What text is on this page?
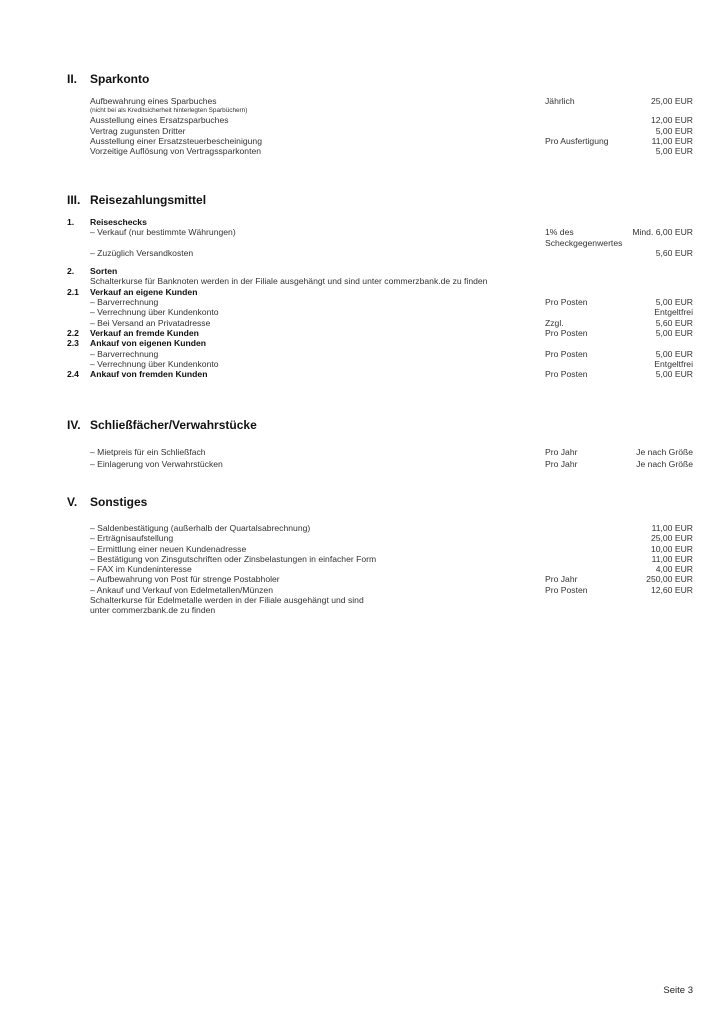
II. Sparkonto
Aufbewahrung eines Sparbuches	Jährlich	25,00 EUR
(nicht bei als Kreditsicherheit hinterlegten Sparbüchern)
Ausstellung eines Ersatzsparbuches	12,00 EUR
Vertrag zugunsten Dritter	5,00 EUR
Ausstellung einer Ersatzsteuerbescheinigung	Pro Ausfertigung	11,00 EUR
Vorzeitige Auflösung von Vertragssparkonten	5,00 EUR
III. Reisezahlungsmittel
1. Reiseschecks
– Verkauf (nur bestimmte Währungen)	1% des	Mind. 6,00 EUR
Scheckgegenwertes
– Zuzüglich Versandkosten	5,60 EUR
2. Sorten
Schalterkurse für Banknoten werden in der Filiale ausgehängt und sind unter commerzbank.de zu finden
2.1 Verkauf an eigene Kunden
– Barverrechnung	Pro Posten	5,00 EUR
– Verrechnung über Kundenkonto	Entgeltfrei
– Bei Versand an Privatadresse	Zzgl.	5,60 EUR
2.2 Verkauf an fremde Kunden	Pro Posten	5,00 EUR
2.3 Ankauf von eigenen Kunden
– Barverrechnung	Pro Posten	5,00 EUR
– Verrechnung über Kundenkonto	Entgeltfrei
2.4 Ankauf von fremden Kunden	Pro Posten	5,00 EUR
IV. Schließfächer/Verwahrstücke
– Mietpreis für ein Schließfach	Pro Jahr	Je nach Größe
– Einlagerung von Verwahrstücken	Pro Jahr	Je nach Größe
V. Sonstiges
– Saldenbestätigung (außerhalb der Quartalsabrechnung)	11,00 EUR
– Erträgnisaufstellung	25,00 EUR
– Ermittlung einer neuen Kundenadresse	10,00 EUR
– Bestätigung von Zinsgutschriften oder Zinsbelastungen in einfacher Form	11,00 EUR
– FAX im Kundeninteresse	4,00 EUR
– Aufbewahrung von Post für strenge Postabholer	Pro Jahr	250,00 EUR
– Ankauf und Verkauf von Edelmetallen/Münzen	Pro Posten	12,60 EUR
Schalterkurse für Edelmetalle werden in der Filiale ausgehängt und sind
unter commerzbank.de zu finden
Seite 3
